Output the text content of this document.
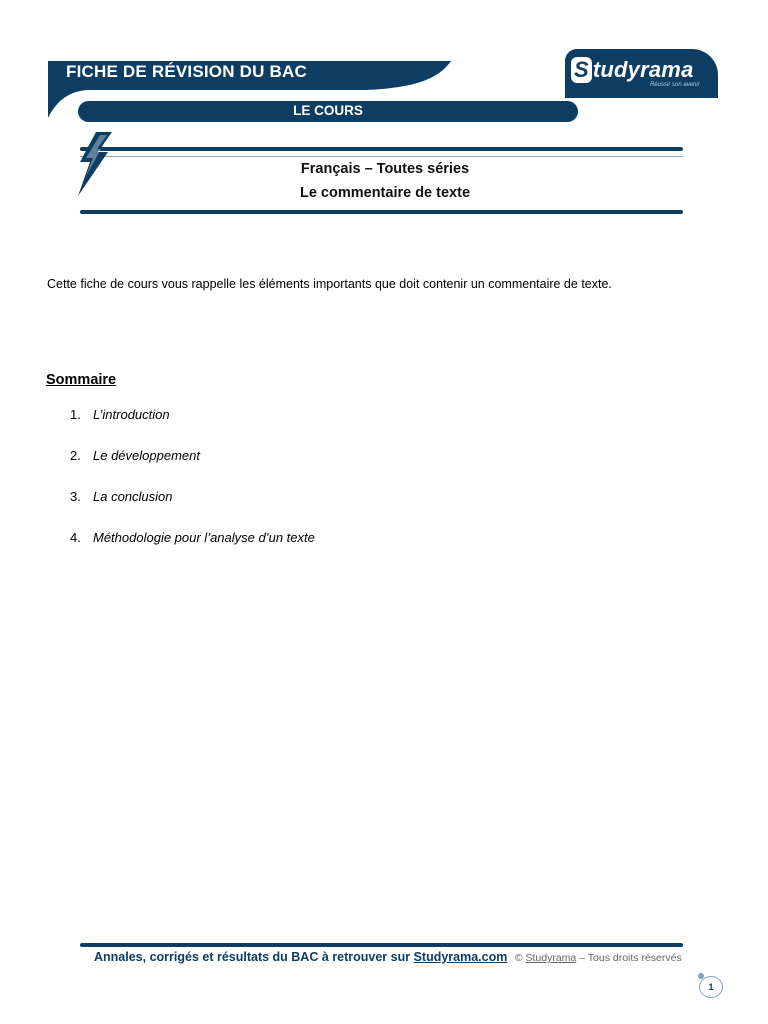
FICHE DE RÉVISION DU BAC
LE COURS
S tudyrama
Réussir son avenir
Français – Toutes séries
Le commentaire de texte
Cette fiche de cours vous rappelle les éléments importants que doit contenir un commentaire de texte.
Sommaire
1. L’introduction
2. Le développement
3. La conclusion
4. Méthodologie pour l’analyse d’un texte
Annales, corrigés et résultats du BAC à retrouver sur Studyrama.com © Studyrama – Tous droits réservés
1
